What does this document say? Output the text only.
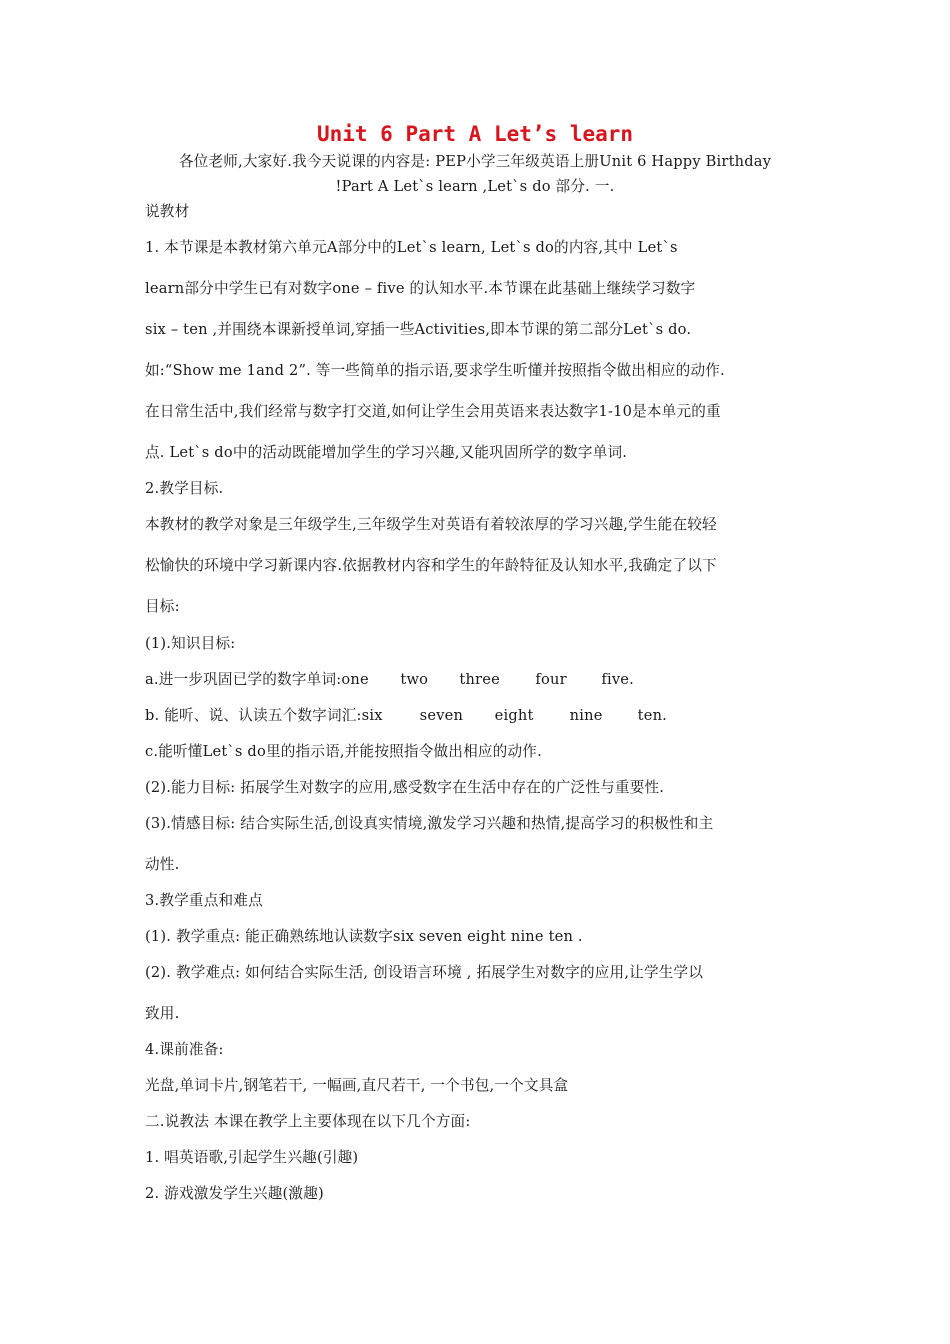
Unit 6 Part A Let’s learn

各位老师,大家好.我今天说课的内容是: PEP小学三年级英语上册Unit 6 Happy Birthday

!Part A Let`s learn ,Let`s do 部分. 一.

说教材

1. 本节课是本教材第六单元A部分中的Let`s learn, Let`s do的内容,其中 Let`s

learn部分中学生已有对数字one – five 的认知水平.本节课在此基础上继续学习数字

six – ten ,并围绕本课新授单词,穿插一些Activities,即本节课的第二部分Let`s do.

如:“Show me 1and 2”. 等一些简单的指示语,要求学生听懂并按照指令做出相应的动作.

在日常生活中,我们经常与数字打交道,如何让学生会用英语来表达数字1-10是本单元的重

点. Let`s do中的活动既能增加学生的学习兴趣,又能巩固所学的数字单词.

2.教学目标.

本教材的教学对象是三年级学生,三年级学生对英语有着较浓厚的学习兴趣,学生能在较轻

松愉快的环境中学习新课内容.依据教材内容和学生的年龄特征及认知水平,我确定了以下

目标:

(1).知识目标:

a.进一步巩固已学的数字单词:one two three four five.

b. 能听、说、认读五个数字词汇:six	seven eight nine ten.

c.能听懂Let`s do里的指示语,并能按照指令做出相应的动作.

(2).能力目标: 拓展学生对数字的应用,感受数字在生活中存在的广泛性与重要性.

(3).情感目标: 结合实际生活,创设真实情境,激发学习兴趣和热情,提高学习的积极性和主

动性.

3.教学重点和难点

(1). 教学重点: 能正确熟练地认读数字six seven eight nine ten .

(2). 教学难点: 如何结合实际生活, 创设语言环境 , 拓展学生对数字的应用,让学生学以

致用.

4.课前准备:

光盘,单词卡片,钢笔若干, 一幅画,直尺若干, 一个书包,一个文具盒

二.说教法 本课在教学上主要体现在以下几个方面:

1. 唱英语歌,引起学生兴趣(引趣)

2. 游戏激发学生兴趣(激趣)
